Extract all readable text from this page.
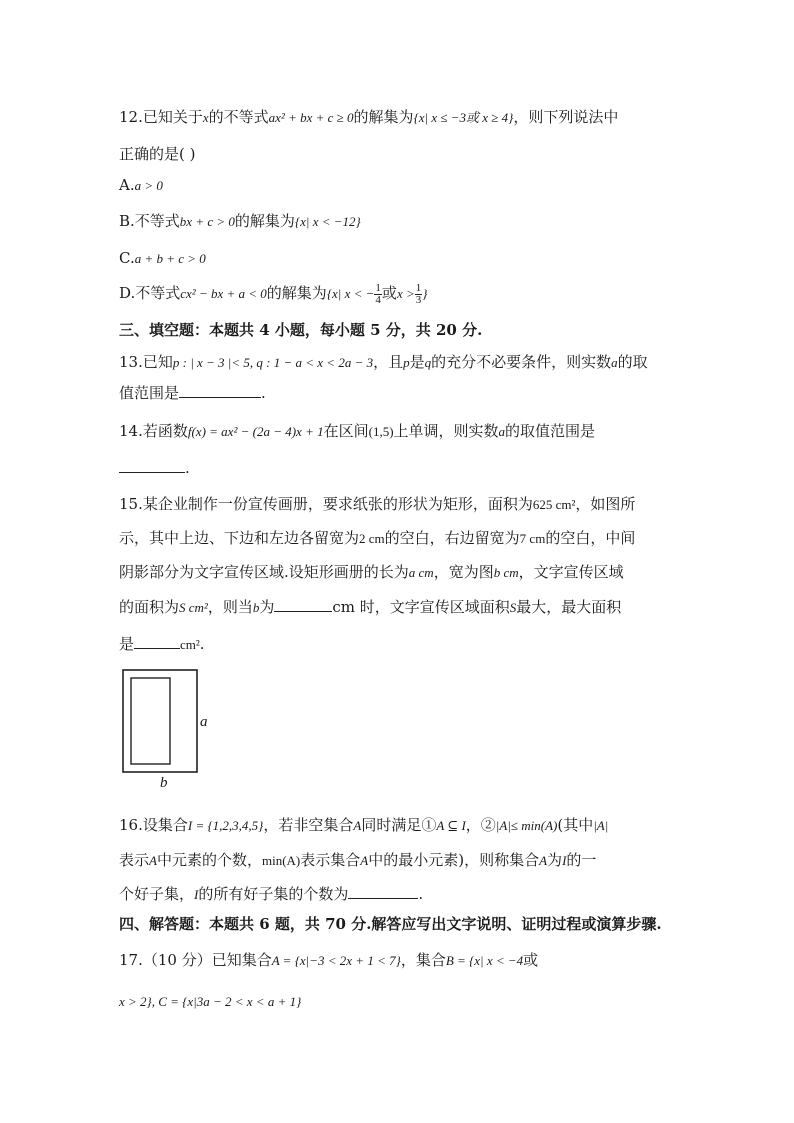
12.已知关于x的不等式ax² + bx + c ≥ 0的解集为{x| x ≤ −3或 x ≥ 4}，则下列说法中
正确的是( )
A.a > 0
B.不等式bx + c > 0的解集为{x| x < −12}
C.a + b + c > 0
D.不等式cx² − bx + a < 0的解集为{x| x < − $\frac{1}{4}$ 或$x > \frac{1}{3}$ }
三、填空题：本题共 4 小题，每小题 5 分，共 20 分.
13.已知p : | x − 3 |< 5, q : 1 − a < x < 2a − 3，且p是q的充分不必要条件，则实数a的取
值范围是	.
14.若函数f(x) = ax² − (2a − 4)x + 1在区间(1,5)上单调，则实数a的取值范围是
.
15.某企业制作一份宣传画册，要求纸张的形状为矩形，面积为625 cm²，如图所
示，其中上边、下边和左边各留宽为2 cm的空白，右边留宽为7 cm的空白，中间
阴影部分为文字宣传区域.设矩形画册的长为a cm，宽为图b cm，文字宣传区域
的面积为S cm²，则当b为	cm 时，文字宣传区域面积S最大，最大面积
是	cm².
a
b
16.设集合I = {1,2,3,4,5}，若非空集合A同时满足①A ⊆ I，②|A|≤ min(A)(其中|A|
表示A中元素的个数，min(A)表示集合A中的最小元素)，则称集合A为I的一
个好子集，I的所有好子集的个数为	.
四、解答题：本题共 6 题，共 70 分.解答应写出文字说明、证明过程或演算步骤.
17.（10 分）已知集合A = {x|−3 < 2x + 1 < 7}，集合B = {x| x < −4或
x > 2}, C = {x|3a − 2 < x < a + 1}
